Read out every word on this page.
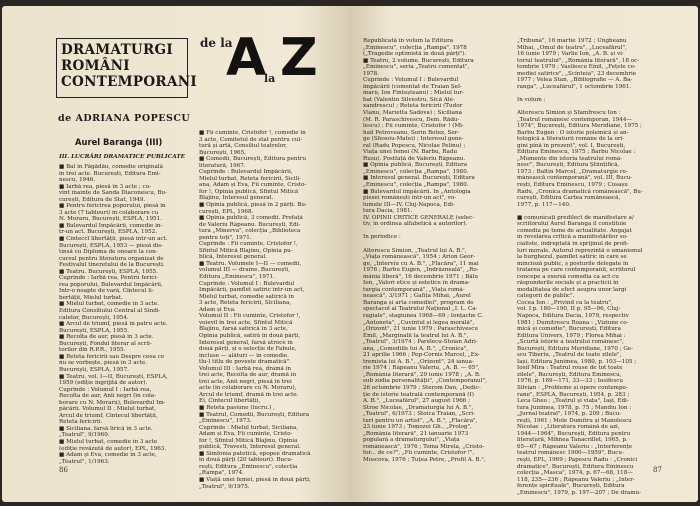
DRAMATURGI
ROMÂNI
CONTEMPORANI
de la
A
la Z
de ADRIANA POPESCU
Aurel Baranga (III)
III. LUCRĂRI DRAMATICE PUBLICATE
■ Bal în Făgădău, comedie originală
în trei acte. București, Editura Emi-
nescu, 1946.
■ Iarbă rea, piesă în 3 acte ; cu-
vînt înainte de Sanda Diaconescu, Bu-
curești, Editura de Stat, 1949.
■ Pentru fericirea poporului, piesă în
3 acte (7 tablouri) în colaborare cu
N. Moraru, București, ESPLA, 1951.
■ Bulevardul Împăcării, comedie în-
tr-un act. București, ESPLA, 1952.
■ Cinteccl libertății, piesă într-un act.
București, ESPLA, 1953 — piesă dis-
tinsă cu Diploma de onoare la con-
cursul pentru literatura organizat de
Festivalul tineretului de la București.
■ Teatru. București, ESPLA, 1955.
Cuprinde : Iarbă rea, Pentru ferici-
rea poporului, Bulevardul Împăcării,
Intr-o noapte de vară, Cîntecul li-
bertății, Mielul turbat.
■ Mielul turbat, comedie în 3 acte.
Editura Consiliului Central al Sindi-
catelor, București, 1954.
■ Arcul de triumf, piesă în patru acte.
București, ESPLA, 1955.
■ Recolta de aur, piesă în 3 acte.
București, Fondul literar al scrii-
torilor din R.P.R., 1955.
■ Reteta fericirii sau Despre ceea ce
nu se vorbește, piesă în 3 acte.
București, ESPLA, 1957.
■ Teatru, vol. I—II, București, ESPLA,
1959 (ediție îngrijită de autor).
Cuprinde : Volumul I : Iarbă rea,
Recolta de aur, Anii negri (în cola-
borare cu N. Moraru), Bulevardul Îm-
păcării. Volumul II : Mielul turbat,
Arcul de triumf, Cîntecul libertății,
Reteta fericirii.
■ Siciliana, farsă lirică în 3 acte.
„Teatrul", 9/1960.
■ Mielul turbat, comedie în 3 acte
(ediție revăzută de autor), EPL, 1963.
■ Adam și Eva, comedie în 3 acte,
„Teatrul", 1/1963.
■ Fii cuminte, Cristofor !, comedie în
3 acte, Comitetul de stat pentru cul-
tură și artă, Consiliul teatrelor,
București, 1965.
■ Comedii, București, Editura pentru
literatură, 1967.
Cuprinde : Bulevardul Împăcării,
Mielul turbat, Reteta fericirii, Sicili-
ana, Adam și Eva, Fii cuminte, Cristo-
for !, Opinia publică, Sfîntul Mitică
Blajinu, Interesul general.
■ Opinia publică, piesă în 2 părți. Bu-
curești, EPL, 1968.
■ Opinia publică, 3 comedii. Prefață
de Valeriu Râpeanu. București, Edi-
tura „Minerva", colecția „Biblioteca
pentru toți", 1971.
Cuprinde : Fii cuminte, Cristofor !,
Sfîntul Mitică Blajinu, Opinia pu-
blică, Interesul general.
■ Teatru. Volumele I—II — comedii,
volumul III — drame. București,
Editura „Eminescu", 1971.
Cuprinde : Volumul I : Bulevardul
Împăcării, pamflet satiric într-un act,
Mielul turbat, comedie satirică în
3 acte, Reteta fericirii, Siciliana,
Adam și Eva.
Volumul II : Fii cuminte, Cristofor !,
voievîl în trei acte, Sfîntul Mitică
Blajinu, farsă satirică în 3 acte,
Opinia publică, satiră în două părți,
Interesul general, farsă atroce în
două părți, și o selecție de Fabule,
incluse — alături — în comedie.
tlu-l titlu de poveste dramatică".
Volumul III : Iarbă rea, dramă în
trei acte, Recolta de aur, dramă în
trei acte, Anii negri, piesă în trei
acte (în colaborare cu N. Moraru),
Arcul de triumf, dramă în trei acte.
Ei, Cîntecul libertății,
■ Reteta pasiune (lucru.) ,
■ Teatrul, Comedii, București, Editura
„Eminescu", 1973.
Cuprinde : Mielul turbat, Siciliana,
Adam și Eva, Fii cuminte, Cristo-
for !, Sfîntul Mitică Blajinu, Opinia
publică, Travesti, Interesul general.
■ Simfonia patetică, epopee dramatică
în două părți (20 tablouri). Bucu-
rești, Editura „Eminescu", colecția
„Rampa", 1974.
■ Viață unei femei, piesă în două părți,
„Teatrul", 9/1975.
86
Republicată în volum la Editura
„Eminescu", colecția „Rampa", 1978
(„Tragedie optimistă în două părți").
■ Teatru, 2 volume. București, Editura
„Eminescu", seria „Teatru comentat",
1978.
Cuprinde : Volumul I : Bulevardul
împăcării (comentat de Traian Șel-
maru, Ion Finteșteanu) ; Mielul tur-
bat (Valentin Silvestru, Sică Ale-
xandrescu) ; Reteta fericirii (Tudor
Vianu, Marietta Sadova) ; Siciliana
(M. R. Paraschivescu, Dem. Rădu-
lescu) ; Fii cuminte, Cristofor ! (Mi-
hail Petroveanu, Sorin Botez, Ser-
ge (Sfesoiu-Matei) ; Interesul gene-
ral (Radu Popescu, Nicolae Pelinu) ;
Viața unei femei (N. Barbu, Radu
Rusu). Postfață de Valeriu Râpeanu.
■ Opinia publică, București, Editura
„Eminescu", colecția „Rampa", 1980.
■ Interesul general. București, Editura
„Eminescu", colecția „Rampa", 1980.
■ Bulevardul împăcării. În „Antologia
piesei românești într-un act", vo-
lumele III—IV, Cluj-Napoca, Edi-
tura Dacia, 1981.
IV. OPINII CRITICE GENERALE (selec-
tiv, în ordinea alfabetică a autorilor).

În periodice :

Alterescu Simion, „Teatrul lui A. B.",
„Viața românească", 1954 ; Arion Geor-
ge, „Interviu cu A. B.", „Flacăra", 11 mai
1976 ; Barbu Eugen, „Indrăzneală", „Ro-
mânia liberă", 16 decembrie 1971 ; Bălu
Ion, „Valori etice și estetice în drama-
turgia contemporană", „Viața româ-
nească", 3/1971 ; Gafița Mihai, „Aurel
Baranga și arta comediei", program de
spectacol al Teatrului Național „I. L. Ca-
ragiale", stagiunea 1968—69 ; Ionțache C.
„Antoneta", „Cuvîntul și legea morală",
„Orizont", 21 iunie 1979 ; Paraschivescu
Emil, „Marginalii la teatrul lui A. B.",
„Teatrul", 3/1974 ; Parelecu-Stoian Adri-
ana, „Comediile lui A. B.", „Cronica",
21 aprilie 1966 ; Pop-Cornis Marcel, „Ex-
tremista lui A. B.", „Orizont", 24 ianua-
rie 1974 ; Râpeanu Valeriu, „A. B. — 65",
„România literară", 29 iunie 1978 ; „A. B.
sub zodia personalității", „Contemporanul",
26 octombrie 1979 ; Sterom Dan, „Dedic-
ție de istorie teatrală contemporană (I)
A. B.", „Luceafărul", 27 august 1966 ;
Stroe Nicolae, „Dramaturgia lui A. B.",
„Teatrul", 6/1973 ; Stoica Traian, „Scri-
turi pentru un artist", „A. B.", „Flacăra",
23 iunie 1973 ; Tomozei Gh., „Prolog",
„România literară", 21 ianuarie 1973
populară a dramaturgului", „Viața
românească", 1976 ; Toma Mirela, „Cristo-
for... de ce?", „Fii cuminte, Cristofor !",
Moscova, 1976 ; Tuțea Petre, „Profil A. B.",
„Tribuna", 16 martie 1972 ; Ungheanu
Mihai, „Omul de teatru", „Luceafărul",
16 iunie 1979 ; Varlie Ion, „A. B. și vi-
toriul teatrului", „România literară", 18 oc-
tombrie 1979 ; Vasilescu Emil, „Fețele co-
mediei satirice", „Scînteia", 23 decembrie
1977 ; Velea Stan, „Bibliografie — A. Ba-
ranga", „Luceafărul", 1 octombrie 1961.

În volum :

Alterescu Simion și Sfamfrescu Ion :
„Teatrul românesc contemporan, 1944—
1974", București, Editura Meridiane, 1975 ;
Barbu Eugen : O istorie polemică și an-
tologică a literaturii române de la ori-
gini pînă în prezent", vol. I, București,
Editura Eminescu, 1975 ; Barbu Nicolae :
„Momente din istoria teatrului româ-
nesc", București, Editura Științifică,
1973 ; Baltin Marcel, „Dramaturgie ro-
mânească contemporană", vol. III, Bucu-
rești, Editura Eminescu, 1979 ; Cosașu
Radu, „Cronica dramatică românească", Bu-
curești, Editura Cartea românească,
1977, p. 117—140.

■ comunicați predilect de manifestare a/
scriitorului Aurel Baranga îl constituie
comedia pe teme de actualitate. Angajat
în revelarea critică a manifestărilor so-
cialiste, îndreptată în sprijinul de profi-
luri morale. Autorul reprezintă o umanismul
la burghezul, pamflet satiric în care se
mincioză public, ș posturile delegate în
tratarea pe care contemporanii, scriitorul
concepe a exersă comedia ca act cu
răspunderile sociale și a practicii în
modalitatea de efect asupra unor largi
categorii de public".
Cocea Ion : „Privind ca la teatru",
vol. I p. 180—190, II p. 95—96, Cluj-
Napoca, Editura Dacia, 1979, respectiv
1981 ; Dumitrescu Roana : „Viziune co-
mică și comedie", București, Editura
Editura Univers, 1979 ; Florea Mihai :
„Scurtă istorie a teatrului românesc",
București, Editura Meridiane, 1970 ; Ge-
scu Tiberiu, „Teatrul de toate zilele",
Iași, Editura Junimea, 1980, p. 103—105 ;
Iosif Mira : Teatrul rouse de tot toate
zilele", București, Editura Eminescu,
1976, p. 169—171, 33—33 ; Iosifescu
Silvian : „Probleme și opere contempo-
rane", ESPLA, București, 1954, p. 283 ;
Leca Gheo : „Teatrul și viața", Iași, Edi-
tura Junimea, 1978, p. 75 ; Mandiu Ion :
„Jurnal teatral", 1974, p. 209 ; Bucu-
rești, 1961 ; Mole Dumitru și Manolescu
Nicolae : „Literatura română de azi,
1944—1964", București, Editura pentru
literatură, Mihnea Tanacrillet, 1965, p.
65—67 ; Râpeanu Valeriu : „Interferențe
teatrul românesc 1900—1959", Bucu-
rești, EPL, 1969 ; Papescu Radu : „Cronici
dramatice", București, Editura Eminescu
colecția „Masca", 1974, p. 67—68, 118—
118, 235—236 ; Râpeanu Valeriu : „Inter-
ferențe spirituale", București, Editura
„Eminescu", 1979, p. 197—207 ; De dramu-
87
